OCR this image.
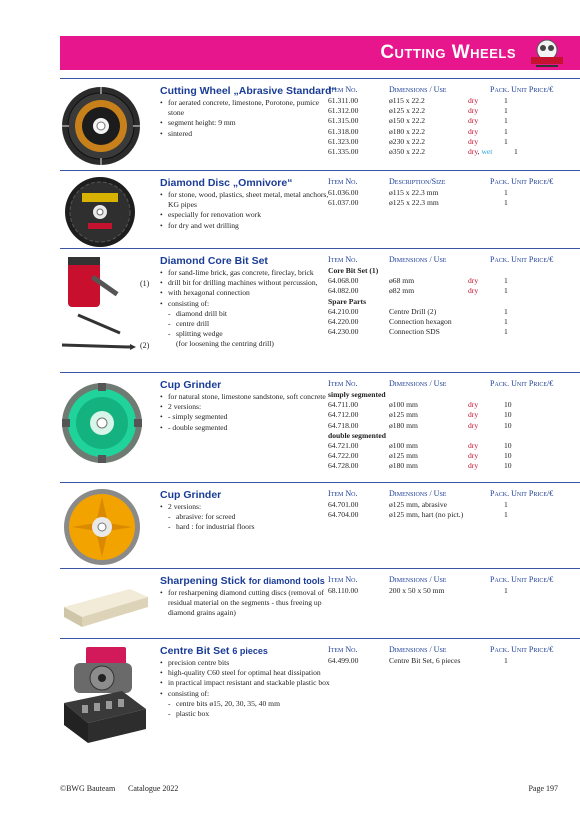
Cutting Wheels
Cutting Wheel „Abrasive Standard“
• for aerated concrete, limestone, Porotone, pumice stone
• segment height: 9 mm
• sintered
Item No.	Dimensions / Use	Pack. Unit Price/€
61.311.00	ø115 x 22.2	dry	1
61.312.00	ø125 x 22.2	dry	1
61.315.00	ø150 x 22.2	dry	1
61.318.00	ø180 x 22.2	dry	1
61.323.00	ø230 x 22.2	dry	1
61.335.00	ø350 x 22.2	dry, wet	1
Diamond Disc „Omnivore“
• for stone, wood, plastics, sheet metal, metal anchors, KG pipes
• especially for renovation work
• for dry and wet drilling
Item No.	Description/Size	Pack. Unit Price/€
61.036.00	ø115 x 22.3 mm	1
61.037.00	ø125 x 22.3 mm	1
(1)
(2)
Diamond Core Bit Set
• for sand-lime brick, gas concrete, fireclay, brick
• drill bit for drilling machines without percussion,
• with hexagonal connection
• consisting of:
- diamond drill bit
- centre drill
- splitting wedge
(for loosening the centring drill)
Item No.	Dimensions / Use	Pack. Unit Price/€
Core Bit Set (1)
64.068.00	ø68 mm	dry	1
64.082.00	ø82 mm	dry	1
Spare Parts
64.210.00	Centre Drill (2)	1
64.220.00	Connection hexagon	1
64.230.00	Connection SDS	1
Cup Grinder
• for natural stone, limestone sandstone, soft concrete
• 2 versions:
• - simply segmented
• - double segmented
Item No.	Dimensions / Use	Pack. Unit Price/€
simply segmented
64.711.00	ø100 mm	dry	10
64.712.00	ø125 mm	dry	10
64.718.00	ø180 mm	dry	10
double segmented
64.721.00	ø100 mm	dry	10
64.722.00	ø125 mm	dry	10
64.728.00	ø180 mm	dry	10
Cup Grinder
• 2 versions:
- abrasive: for screed
- hard : for industrial floors
Item No.	Dimensions / Use	Pack. Unit Price/€
64.701.00	ø125 mm, abrasive	1
64.704.00	ø125 mm, hart (no pict.)	1
Sharpening Stick for diamond tools
• for resharpening diamond cutting discs (removal of residual material on the segments - thus freeing up diamond grains again)
Item No.	Dimensions / Use	Pack. Unit Price/€
68.110.00	200 x 50 x 50 mm	1
Centre Bit Set 6 pieces
• precision centre bits
• high-quality C60 steel for optimal heat dissipation
• in practical impact resistant and stackable plastic box
• consisting of:
- centre bits ø15, 20, 30, 35, 40 mm
- plastic box
Item No.	Dimensions / Use	Pack. Unit Price/€
64.499.00	Centre Bit Set, 6 pieces	1
©BWG Bauteam Catalogue 2022	Page 197
